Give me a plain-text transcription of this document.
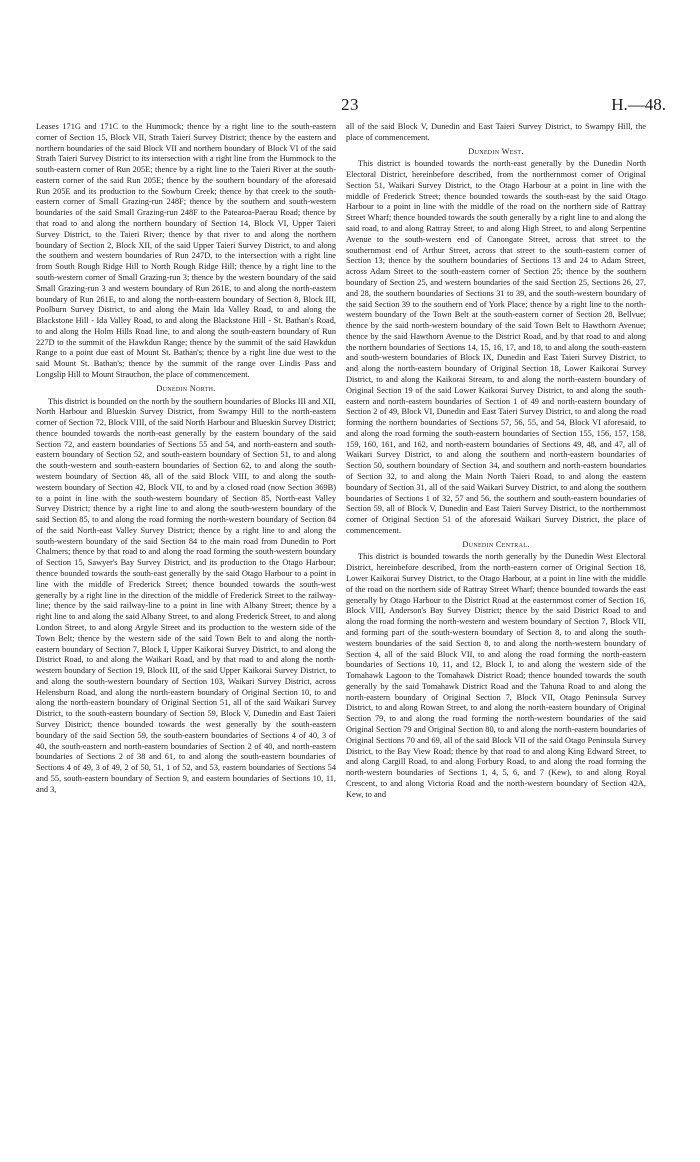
23	H.—48.

Leases 171G and 171C to the Hummock; thence by a right line to the south-eastern corner of Section 15, Block VII, Strath Taieri Survey District; thence by the eastern and northern boundaries of the said Block VII and northern boundary of Block VI of the said Strath Taieri Survey District to its intersection with a right line from the Hummock to the south-eastern corner of Run 205E; thence by a right line to the Taieri River at the south-eastern corner of the said Run 205E; thence by the southern boundary of the aforesaid Run 205E and its production to the Sowburn Creek; thence by that creek to the south-eastern corner of Small Grazing-run 248F; thence by the southern and south-western boundaries of the said Small Grazing-run 248F to the Patearoa-Paerau Road; thence by that road to and along the northern boundary of Section 14, Block VI, Upper Taieri Survey District, to the Taieri River; thence by that river to and along the northern boundary of Section 2, Block XII, of the said Upper Taieri Survey District, to and along the southern and western boundaries of Run 247D, to the intersection with a right line from South Rough Ridge Hill to North Rough Ridge Hill; thence by a right line to the south-western corner of Small Grazing-run 3; thence by the western boundary of the said Small Grazing-run 3 and western boundary of Run 261E, to and along the north-eastern boundary of Run 261E, to and along the north-eastern boundary of Section 8, Block III, Poolburn Survey District, to and along the Main Ida Valley Road, to and along the Blackstone Hill - Ida Valley Road, to and along the Blackstone Hill - St. Bathan's Road, to and along the Holm Hills Road line, to and along the south-eastern boundary of Run 227D to the summit of the Hawkdun Range; thence by the summit of the said Hawkdun Range to a point due east of Mount St. Bathan's; thence by a right line due west to the said Mount St. Bathan's; thence by the summit of the range over Lindis Pass and Longslip Hill to Mount Strauchon, the place of commencement.

Dunedin North.

This district is bounded on the north by the southern boundaries of Blocks III and XII, North Harbour and Blueskin Survey District, from Swampy Hill to the north-eastern corner of Section 72, Block VIII, of the said North Harbour and Blueskin Survey District; thence bounded towards the north-east generally by the eastern boundary of the said Section 72, and eastern boundaries of Sections 55 and 54, and north-eastern and south-eastern boundary of Section 52, and south-eastern boundary of Section 51, to and along the south-western and south-eastern boundaries of Section 62, to and along the south-western boundary of Section 48, all of the said Block VIII, to and along the south-western boundary of Section 42, Block VII, to and by a closed road (now Section 369B) to a point in line with the south-western boundary of Section 85, North-east Valley Survey District; thence by a right line to and along the south-western boundary of the said Section 85, to and along the road forming the north-western boundary of Section 84 of the said North-east Valley Survey District; thence by a right line to and along the south-western boundary of the said Section 84 to the main road from Dunedin to Port Chalmers; thence by that road to and along the road forming the south-western boundary of Section 15, Sawyer's Bay Survey District, and its production to the Otago Harbour; thence bounded towards the south-east generally by the said Otago Harbour to a point in line with the middle of Frederick Street; thence bounded towards the south-west generally by a right line in the direction of the middle of Frederick Street to the railway-line; thence by the said railway-line to a point in line with Albany Street; thence by a right line to and along the said Albany Street, to and along Frederick Street, to and along London Street, to and along Argyle Street and its production to the western side of the Town Belt; thence by the western side of the said Town Belt to and along the north-eastern boundary of Section 7, Block I, Upper Kaikorai Survey District, to and along the District Road, to and along the Waikari Road, and by that road to and along the north-western boundary of Section 19, Block III, of the said Upper Kaikorai Survey District, to and along the south-western boundary of Section 103, Waikari Survey District, across Helensburn Road, and along the north-eastern boundary of Original Section 10, to and along the north-eastern boundary of Original Section 51, all of the said Waikari Survey District, to the south-eastern boundary of Section 59, Block V, Dunedin and East Taieri Survey District; thence bounded towards the west generally by the south-eastern boundary of the said Section 59, the south-eastern boundaries of Sections 4 of 40, 3 of 40, the south-eastern and north-eastern boundaries of Section 2 of 40, and north-eastern boundaries of Sections 2 of 38 and 61, to and along the south-eastern boundaries of Sections 4 of 49, 3 of 49, 2 of 50, 51, 1 of 52, and 53, eastern boundaries of Sections 54 and 55, south-eastern boundary of Section 9, and eastern boundaries of Sections 10, 11, and 3,

all of the said Block V, Dunedin and East Taieri Survey District, to Swampy Hill, the place of commencement.

Dunedin West.

This district is bounded towards the north-east generally by the Dunedin North Electoral District, hereinbefore described, from the northernmost corner of Original Section 51, Waikari Survey District, to the Otago Harbour at a point in line with the middle of Frederick Street; thence bounded towards the south-east by the said Otago Harbour to a point in line with the middle of the road on the northern side of Rattray Street Wharf; thence bounded towards the south generally by a right line to and along the said road, to and along Rattray Street, to and along High Street, to and along Serpentine Avenue to the south-western end of Canongate Street, across that street to the southernmost end of Arthur Street, across that street to the south-eastern corner of Section 13; thence by the southern boundaries of Sections 13 and 24 to Adam Street, across Adam Street to the south-eastern corner of Section 25; thence by the southern boundary of Section 25, and western boundaries of the said Section 25, Sections 26, 27, and 28, the southern boundaries of Sections 31 to 39, and the south-western boundary of the said Section 39 to the southern end of York Place; thence by a right line to the north-western boundary of the Town Belt at the south-eastern corner of Section 28, Bellvue; thence by the said north-western boundary of the said Town Belt to Hawthorn Avenue; thence by the said Hawthorn Avenue to the District Road, and by that road to and along the northern boundaries of Sections 14, 15, 16, 17, and 18, to and along the south-eastern and south-western boundaries of Block IX, Dunedin and East Taieri Survey District, to and along the north-eastern boundary of Original Section 18, Lower Kaikorai Survey District, to and along the Kaikorai Stream, to and along the north-eastern boundary of Original Section 19 of the said Lower Kaikorai Survey District, to and along the south-eastern and north-eastern boundaries of Section 1 of 49 and north-eastern boundary of Section 2 of 49, Block VI, Dunedin and East Taieri Survey District, to and along the road forming the northern boundaries of Sections 57, 56, 55, and 54, Block VI aforesaid, to and along the road forming the south-eastern boundaries of Section 155, 156, 157, 158, 159, 160, 161, and 162, and north-eastern boundaries of Sections 49, 48, and 47, all of Waikari Survey District, to and along the southern and north-eastern boundaries of Section 50, southern boundary of Section 34, and southern and north-eastern boundaries of Section 32, to and along the Main North Taieri Road, to and along the eastern boundary of Section 31, all of the said Waikari Survey District, to and along the southern boundaries of Sections 1 of 32, 57 and 56, the southern and south-eastern boundaries of Section 59, all of Block V, Dunedin and East Taieri Survey District, to the northernmost corner of Original Section 51 of the aforesaid Waikari Survey District, the place of commencement.

Dunedin Central.

This district is bounded towards the north generally by the Dunedin West Electoral District, hereinbefore described, from the north-eastern corner of Original Section 18, Lower Kaikorai Survey District, to the Otago Harbour, at a point in line with the middle of the road on the northern side of Rattray Street Wharf; thence bounded towards the east generally by Otago Harbour to the District Road at the easternmost corner of Section 16, Block VIII, Anderson's Bay Survey District; thence by the said District Road to and along the road forming the north-western and western boundary of Section 7, Block VII, and forming part of the south-western boundary of Section 8, to and along the south-western boundaries of the said Section 8, to and along the north-western boundary of Section 4, all of the said Block VII, to and along the road forming the north-eastern boundaries of Sections 10, 11, and 12, Block I, to and along the western side of the Tomahawk Lagoon to the Tomahawk District Road; thence bounded towards the south generally by the said Tomahawk District Road and the Tahuna Road to and along the north-eastern boundary of Original Section 7, Block VII, Otago Peninsula Survey District, to and along Rowan Street, to and along the north-eastern boundary of Original Section 79, to and along the road forming the north-western boundaries of the said Original Section 79 and Original Section 80, to and along the north-eastern boundaries of Original Sections 70 and 69, all of the said Block VII of the said Otago Peninsula Survey District, to the Bay View Road; thence by that road to and along King Edward Street, to and along Cargill Road, to and along Forbury Road, to and along the road forming the north-western boundaries of Sections 1, 4, 5, 6, and 7 (Kew), to and along Royal Crescent, to and along Victoria Road and the north-western boundary of Section 42A, Kew, to and
